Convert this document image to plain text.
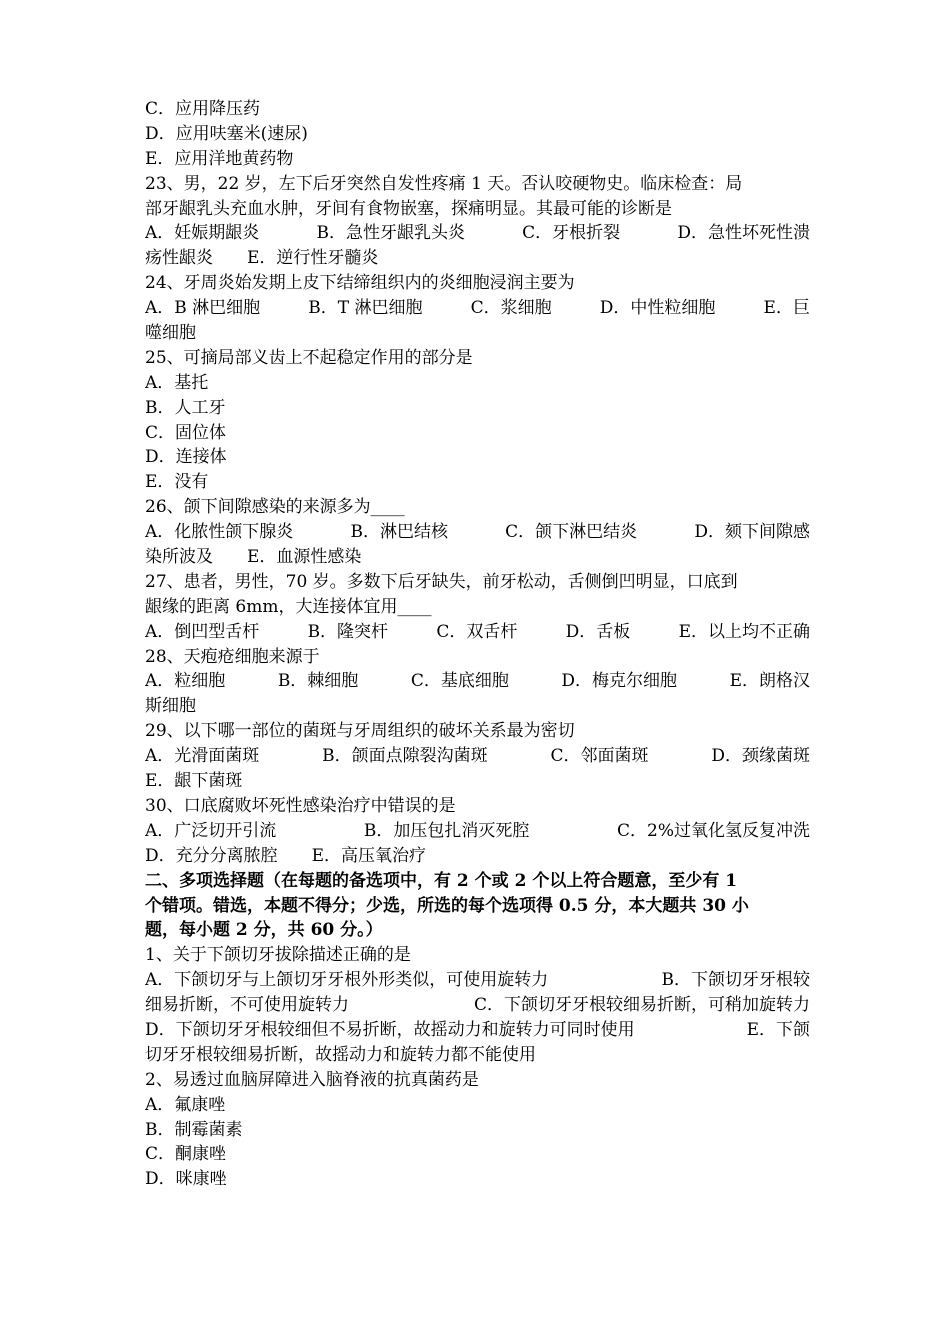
C．应用降压药
D．应用呋塞米(速尿)
E．应用洋地黄药物
23、男，22 岁，左下后牙突然自发性疼痛 1 天。否认咬硬物史。临床检查：局
部牙龈乳头充血水肿，牙间有食物嵌塞，探痛明显。其最可能的诊断是
A．妊娠期龈炎	B．急性牙龈乳头炎	C．牙根折裂	D．急性坏死性溃
疡性龈炎　　E．逆行性牙髓炎
24、牙周炎始发期上皮下结缔组织内的炎细胞浸润主要为
A．B 淋巴细胞	B．T 淋巴细胞	C．浆细胞	D．中性粒细胞	E．巨
噬细胞
25、可摘局部义齿上不起稳定作用的部分是
A．基托
B．人工牙
C．固位体
D．连接体
E．没有
26、颌下间隙感染的来源多为____
A．化脓性颌下腺炎	B．淋巴结核	C．颌下淋巴结炎	D．颏下间隙感
染所波及　　E．血源性感染
27、患者，男性，70 岁。多数下后牙缺失，前牙松动，舌侧倒凹明显，口底到
龈缘的距离 6mm，大连接体宜用____
A．倒凹型舌杆	B．隆突杆	C．双舌杆	D．舌板	E．以上均不正确
28、天疱疮细胞来源于
A．粒细胞	B．棘细胞	C．基底细胞	D．梅克尔细胞	E．朗格汉
斯细胞
29、以下哪一部位的菌斑与牙周组织的破坏关系最为密切
A．光滑面菌斑	B．颌面点隙裂沟菌斑	C．邻面菌斑	D．颈缘菌斑
E．龈下菌斑
30、口底腐败坏死性感染治疗中错误的是
A．广泛切开引流	B．加压包扎消灭死腔	C．2%过氧化氢反复冲洗
D．充分分离脓腔　　E．高压氧治疗
二、多项选择题（在每题的备选项中，有 2 个或 2 个以上符合题意，至少有 1
个错项。错选，本题不得分；少选，所选的每个选项得 0.5 分，本大题共 30 小
题，每小题 2 分，共 60 分。）
1、关于下颌切牙拔除描述正确的是
A．下颌切牙与上颌切牙牙根外形类似，可使用旋转力	B．下颌切牙牙根较
细易折断，不可使用旋转力	C．下颌切牙牙根较细易折断，可稍加旋转力
D．下颌切牙牙根较细但不易折断，故摇动力和旋转力可同时使用	E．下颌
切牙牙根较细易折断，故摇动力和旋转力都不能使用
2、易透过血脑屏障进入脑脊液的抗真菌药是
A．氟康唑
B．制霉菌素
C．酮康唑
D．咪康唑
